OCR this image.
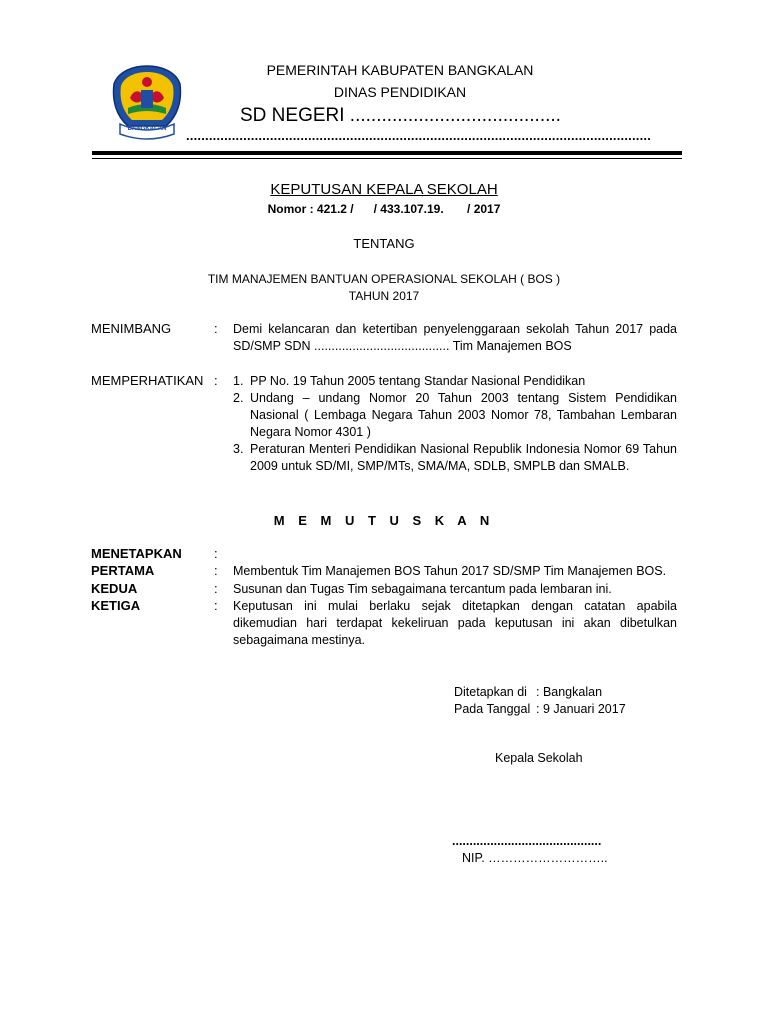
BANGKALAN
PEMERINTAH KABUPATEN BANGKALAN
DINAS PENDIDIKAN
SD NEGERI ........................................
..........................................................................................................................
KEPUTUSAN KEPALA SEKOLAH
Nomor : 421.2 /      / 433.107.19.       / 2017
TENTANG
TIM MANAJEMEN BANTUAN OPERASIONAL SEKOLAH ( BOS )
TAHUN 2017
MENIMBANG	: Demi kelancaran dan ketertiban penyelenggaraan sekolah Tahun 2017 pada SD/SMP SDN ....................................... Tim Manajemen BOS
MEMPERHATIKAN : 1. PP No. 19 Tahun 2005 tentang Standar Nasional Pendidikan
2. Undang – undang Nomor 20 Tahun 2003 tentang Sistem Pendidikan Nasional ( Lembaga Negara Tahun 2003 Nomor 78, Tambahan Lembaran Negara Nomor 4301 )
3. Peraturan Menteri Pendidikan Nasional Republik Indonesia Nomor 69 Tahun 2009 untuk SD/MI, SMP/MTs, SMA/MA, SDLB, SMPLB dan SMALB.
M E M U T U S K A N
MENETAPKAN :
PERTAMA	: Membentuk Tim Manajemen BOS Tahun 2017 SD/SMP Tim Manajemen BOS.
KEDUA	: Susunan dan Tugas Tim sebagaimana tercantum pada lembaran ini.
KETIGA	: Keputusan ini mulai berlaku sejak ditetapkan dengan catatan apabila dikemudian hari terdapat kekeliruan pada keputusan ini akan dibetulkan sebagaimana mestinya.
Ditetapkan di : Bangkalan
Pada Tanggal : 9 Januari 2017
Kepala Sekolah
...........................................
NIP. ………………………..
